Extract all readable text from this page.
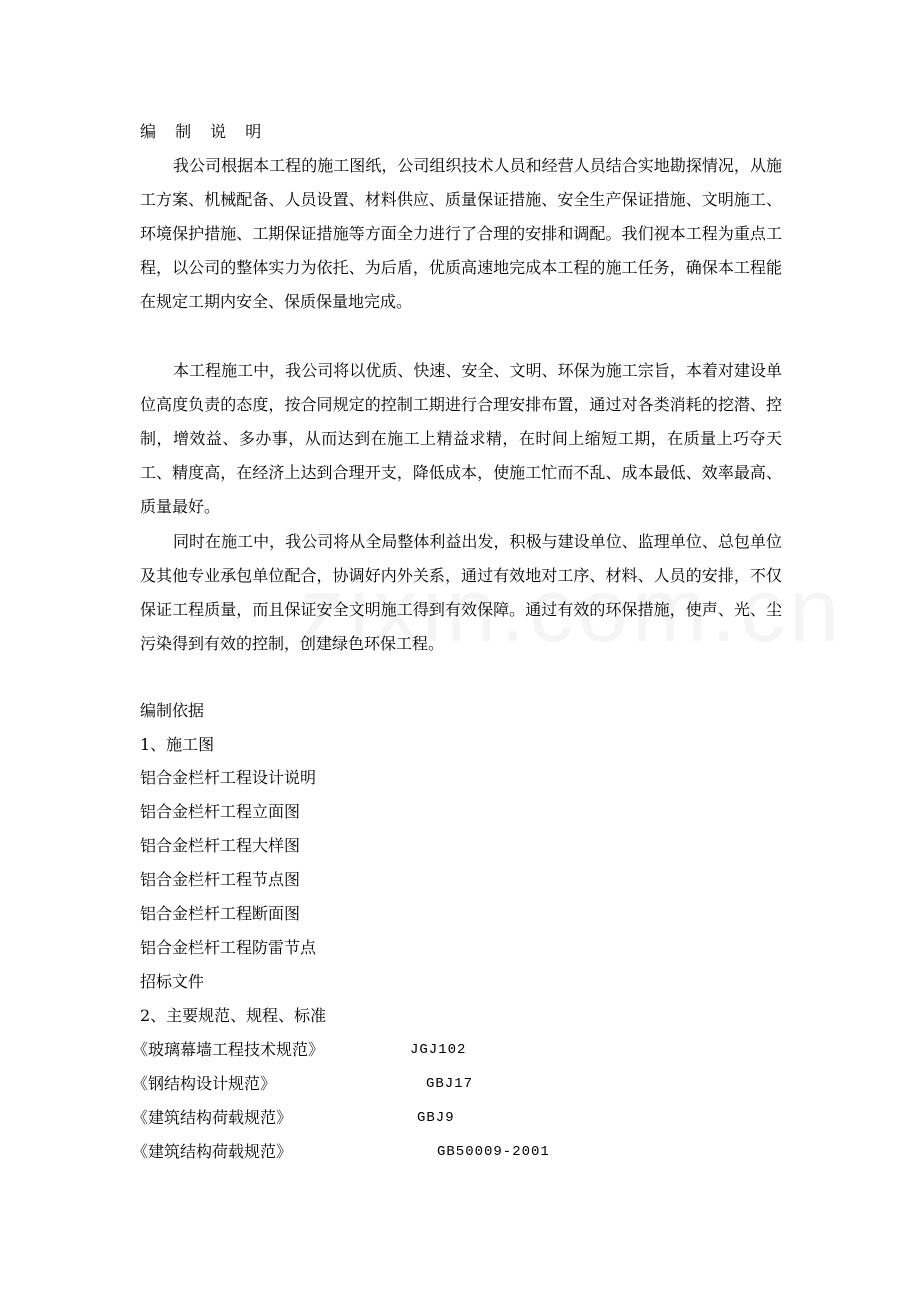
编 制 说 明

我公司根据本工程的施工图纸，公司组织技术人员和经营人员结合实地勘探情况，从施工方案、机械配备、人员设置、材料供应、质量保证措施、安全生产保证措施、文明施工、环境保护措施、工期保证措施等方面全力进行了合理的安排和调配。我们视本工程为重点工程，以公司的整体实力为依托、为后盾，优质高速地完成本工程的施工任务，确保本工程能在规定工期内安全、保质保量地完成。

本工程施工中，我公司将以优质、快速、安全、文明、环保为施工宗旨，本着对建设单位高度负责的态度，按合同规定的控制工期进行合理安排布置，通过对各类消耗的挖潜、控制，增效益、多办事，从而达到在施工上精益求精，在时间上缩短工期，在质量上巧夺天工、精度高，在经济上达到合理开支，降低成本，使施工忙而不乱、成本最低、效率最高、质量最好。

同时在施工中，我公司将从全局整体利益出发，积极与建设单位、监理单位、总包单位及其他专业承包单位配合，协调好内外关系，通过有效地对工序、材料、人员的安排，不仅保证工程质量，而且保证安全文明施工得到有效保障。通过有效的环保措施，使声、光、尘污染得到有效的控制，创建绿色环保工程。

编制依据
1、施工图
铝合金栏杆工程设计说明
铝合金栏杆工程立面图
铝合金栏杆工程大样图
铝合金栏杆工程节点图
铝合金栏杆工程断面图
铝合金栏杆工程防雷节点
招标文件
2、主要规范、规程、标准
《玻璃幕墙工程技术规范》	JGJ102
《钢结构设计规范》	GBJ17
《建筑结构荷载规范》	GBJ9
《建筑结构荷载规范》	GB50009-2001
